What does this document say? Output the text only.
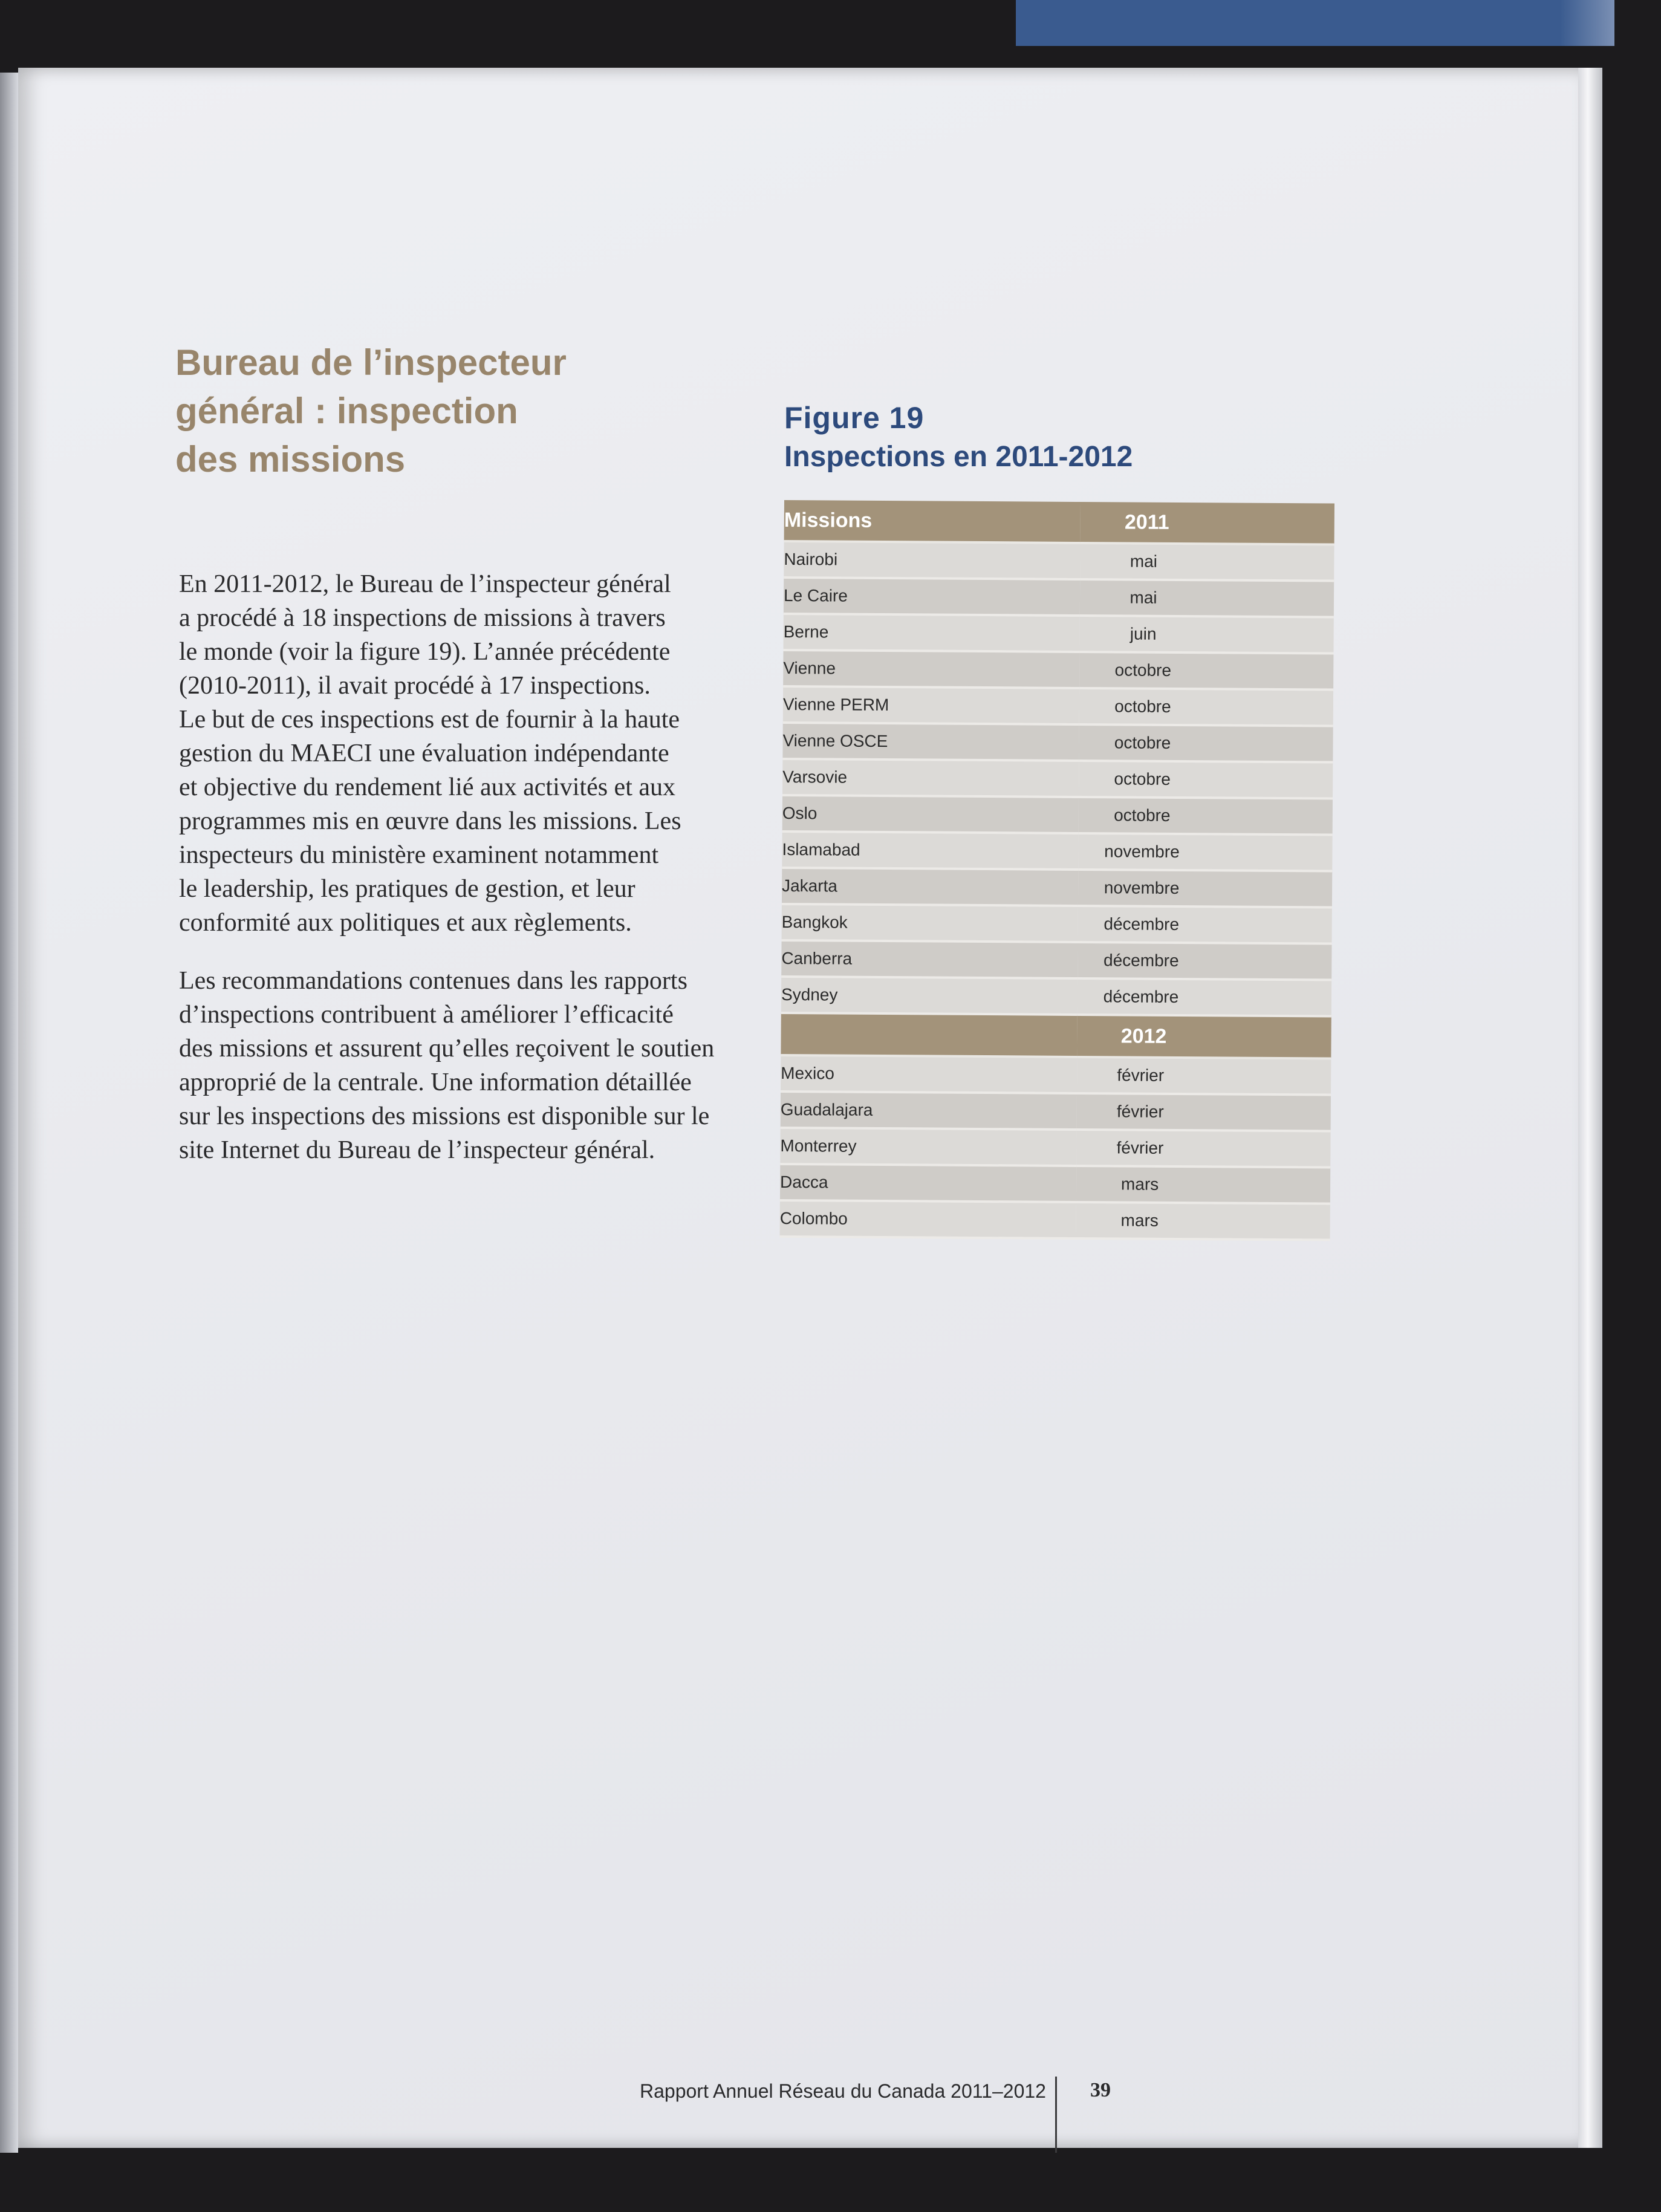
Bureau de l’inspecteur
général : inspection
des missions

En 2011-2012, le Bureau de l’inspecteur général
a procédé à 18 inspections de missions à travers
le monde (voir la figure 19). L’année précédente
(2010-2011), il avait procédé à 17 inspections.
Le but de ces inspections est de fournir à la haute
gestion du MAECI une évaluation indépendante
et objective du rendement lié aux activités et aux
programmes mis en œuvre dans les missions. Les
inspecteurs du ministère examinent notamment
le leadership, les pratiques de gestion, et leur
conformité aux politiques et aux règlements.

Les recommandations contenues dans les rapports
d’inspections contribuent à améliorer l’efficacité
des missions et assurent qu’elles reçoivent le soutien
approprié de la centrale. Une information détaillée
sur les inspections des missions est disponible sur le
site Internet du Bureau de l’inspecteur général.

Figure 19
Inspections en 2011-2012
Missions	2011
Nairobi	mai
Le Caire	mai
Berne	juin
Vienne	octobre
Vienne PERM	octobre
Vienne OSCE	octobre
Varsovie	octobre
Oslo	octobre
Islamabad	novembre
Jakarta	novembre
Bangkok	décembre
Canberra	décembre
Sydney	décembre
	2012
Mexico	février
Guadalajara	février
Monterrey	février
Dacca	mars
Colombo	mars
Rapport Annuel Réseau du Canada 2011–2012 39
